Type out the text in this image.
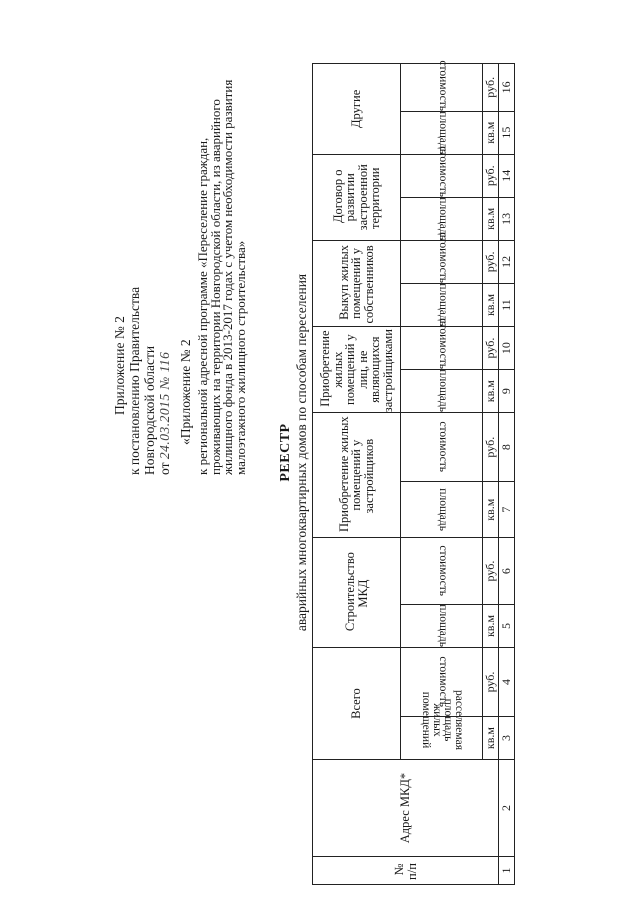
Приложение № 2 к постановлению Правительства Новгородской области от 24.03.2015 № 116 «Приложение № 2 к региональной адресной программе «Переселение граждан, проживающих на территории Новгородской области, из аварийного жилищного фонда в 2013-2017 годах с учетом необходимости развития малоэтажного жилищного строительства» РЕЕСТР аварийных многоквартирных домов по способам переселения
№ п/п	Адрес МКД*	Всего		Строительство МКД		Приобретение жилых помещений у застройщиков		Приобретение жилых помещений у лиц, не являющихся застройщиками		Выкуп жилых помещений у собственников		Договор о развитии застроенной территории		Другие	
		расселяемая площадь жилых помещений	стоимость	площадь	стоимость	площадь	стоимость	площадь	стоимость	площадь	стоимость	площадь	стоимость	площадь	стоимость
		кв.м	руб.	кв.м	руб.	кв.м	руб.	кв.м	руб.	кв.м	руб.	кв.м	руб.	кв.м	руб.
1	2	3	4	5	6	7	8	9	10	11	12	13	14	15	16
